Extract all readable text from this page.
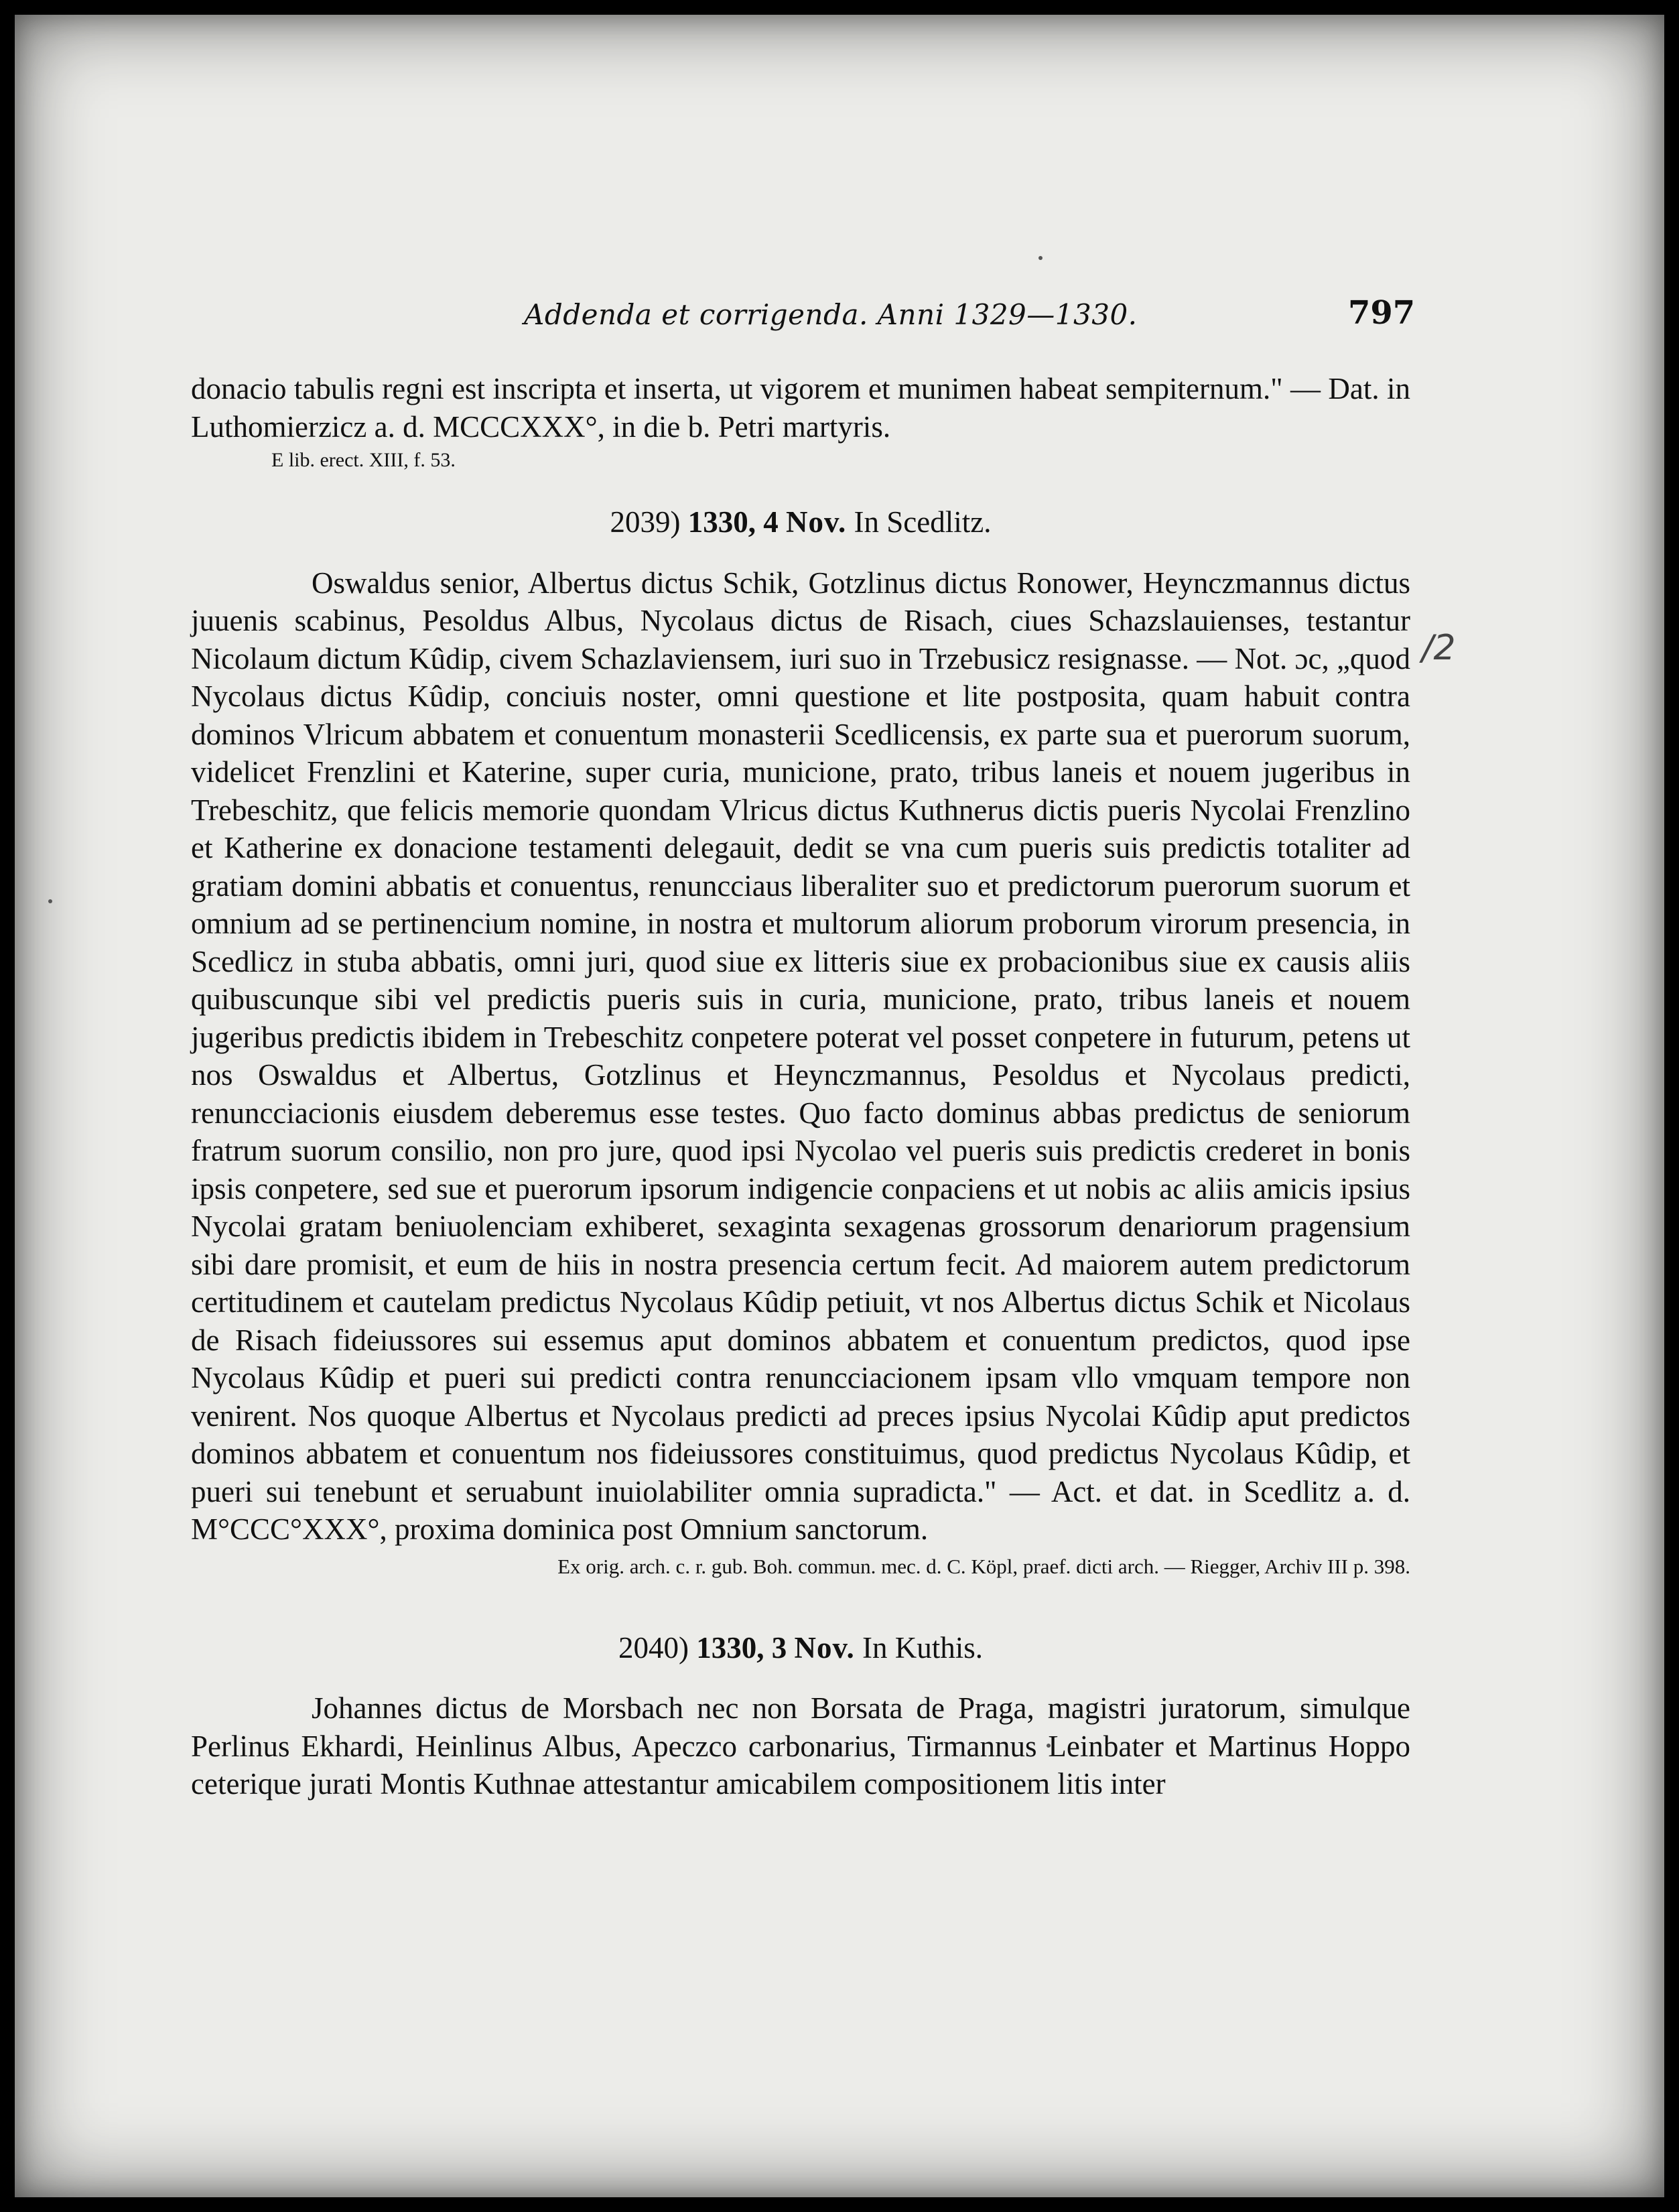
Addenda et corrigenda. Anni 1329—1330.	797
/2

donacio tabulis regni est inscripta et inserta, ut vigorem et munimen habeat sempiternum." — Dat. in Luthomierzicz a. d. MCCCXXX°, in die b. Petri martyris.

E lib. erect. XIII, f. 53.

2039) 1330, 4 Nov. In Scedlitz.

Oswaldus senior, Albertus dictus Schik, Gotzlinus dictus Ronower, Heynczmannus dictus juuenis scabinus, Pesoldus Albus, Nycolaus dictus de Risach, ciues Schazslauienses, testantur Nicolaum dictum Kûdip, civem Schazlaviensem, iuri suo in Trzebusicz resignasse. — Not. ɔc, „quod Nycolaus dictus Kûdip, conciuis noster, omni questione et lite postposita, quam habuit contra dominos Vlricum abbatem et conuentum monasterii Scedlicensis, ex parte sua et puerorum suorum, videlicet Frenzlini et Katerine, super curia, municione, prato, tribus laneis et nouem jugeribus in Trebeschitz, que felicis memorie quondam Vlricus dictus Kuthnerus dictis pueris Nycolai Frenzlino et Katherine ex donacione testamenti delegauit, dedit se vna cum pueris suis predictis totaliter ad gratiam domini abbatis et conuentus, renuncciaus liberaliter suo et predictorum puerorum suorum et omnium ad se pertinencium nomine, in nostra et multorum aliorum proborum virorum presencia, in Scedlicz in stuba abbatis, omni juri, quod siue ex litteris siue ex probacionibus siue ex causis aliis quibuscunque sibi vel predictis pueris suis in curia, municione, prato, tribus laneis et nouem jugeribus predictis ibidem in Trebeschitz conpetere poterat vel posset conpetere in futurum, petens ut nos Oswaldus et Albertus, Gotzlinus et Heynczmannus, Pesoldus et Nycolaus predicti, renuncciacionis eiusdem deberemus esse testes. Quo facto dominus abbas predictus de seniorum fratrum suorum consilio, non pro jure, quod ipsi Nycolao vel pueris suis predictis crederet in bonis ipsis conpetere, sed sue et puerorum ipsorum indigencie conpaciens et ut nobis ac aliis amicis ipsius Nycolai gratam beniuolenciam exhiberet, sexaginta sexagenas grossorum denariorum pragensium sibi dare promisit, et eum de hiis in nostra presencia certum fecit. Ad maiorem autem predictorum certitudinem et cautelam predictus Nycolaus Kûdip petiuit, vt nos Albertus dictus Schik et Nicolaus de Risach fideiussores sui essemus aput dominos abbatem et conuentum predictos, quod ipse Nycolaus Kûdip et pueri sui predicti contra renuncciacionem ipsam vllo vmquam tempore non venirent. Nos quoque Albertus et Nycolaus predicti ad preces ipsius Nycolai Kûdip aput predictos dominos abbatem et conuentum nos fideiussores constituimus, quod predictus Nycolaus Kûdip, et pueri sui tenebunt et seruabunt inuiolabiliter omnia supradicta." — Act. et dat. in Scedlitz a. d. M°CCC°XXX°, proxima dominica post Omnium sanctorum.

Ex orig. arch. c. r. gub. Boh. commun. mec. d. C. Köpl, praef. dicti arch. — Riegger, Archiv III p. 398.

2040) 1330, 3 Nov. In Kuthis.

Johannes dictus de Morsbach nec non Borsata de Praga, magistri juratorum, simulque Perlinus Ekhardi, Heinlinus Albus, Apeczco carbonarius, Tirmannus Leinbater et Martinus Hoppo ceterique jurati Montis Kuthnae attestantur amicabilem compositionem litis inter
